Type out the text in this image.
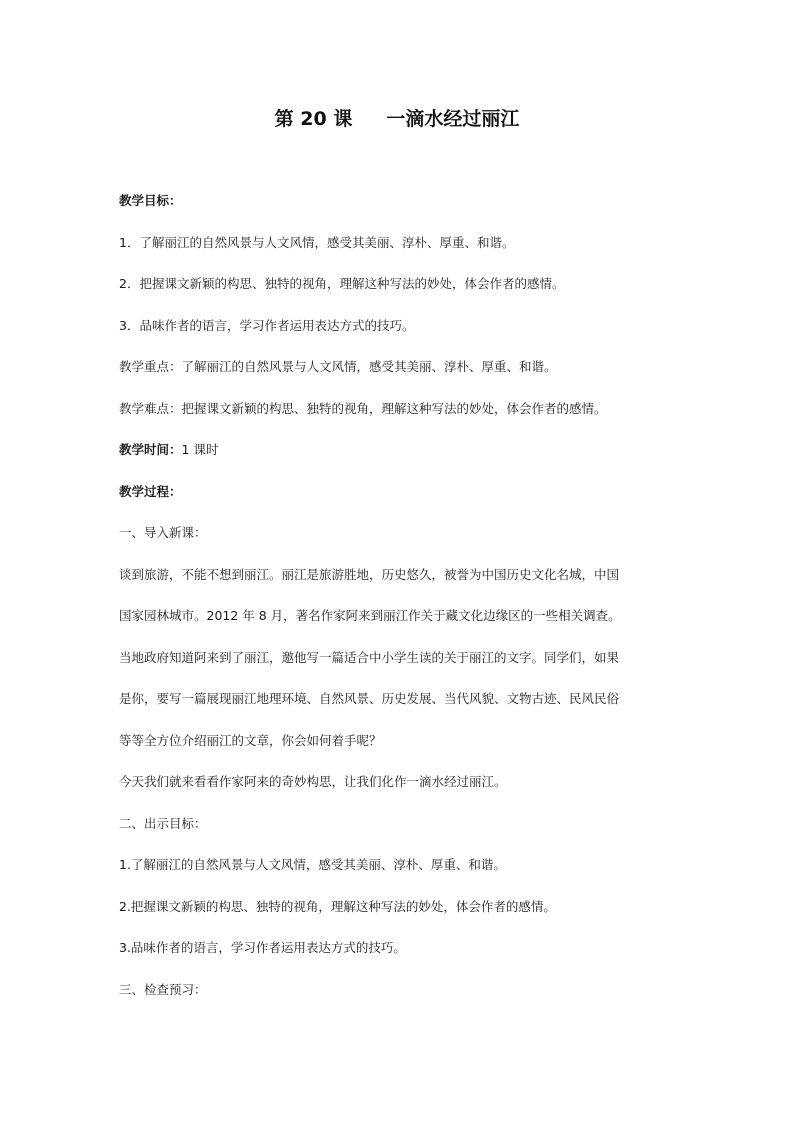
第 20 课 一滴水经过丽江
教学目标：
1．了解丽江的自然风景与人文风情，感受其美丽、淳朴、厚重、和谐。
2．把握课文新颖的构思、独特的视角，理解这种写法的妙处，体会作者的感情。
3．品味作者的语言，学习作者运用表达方式的技巧。
教学重点：了解丽江的自然风景与人文风情，感受其美丽、淳朴、厚重、和谐。
教学难点：把握课文新颖的构思、独特的视角，理解这种写法的妙处，体会作者的感情。
教学时间：1 课时
教学过程：
一、导入新课：
谈到旅游，不能不想到丽江。丽江是旅游胜地，历史悠久，被誉为中国历史文化名城，中国
国家园林城市。2012 年 8 月，著名作家阿来到丽江作关于藏文化边缘区的一些相关调查。
当地政府知道阿来到了丽江，邀他写一篇适合中小学生读的关于丽江的文字。同学们，如果
是你，要写一篇展现丽江地理环境、自然风景、历史发展、当代风貌、文物古迹、民风民俗
等等全方位介绍丽江的文章，你会如何着手呢？
今天我们就来看看作家阿来的奇妙构思，让我们化作一滴水经过丽江。
二、出示目标：
1.了解丽江的自然风景与人文风情，感受其美丽、淳朴、厚重、和谐。
2.把握课文新颖的构思、独特的视角，理解这种写法的妙处，体会作者的感情。
3.品味作者的语言，学习作者运用表达方式的技巧。
三、检查预习：
